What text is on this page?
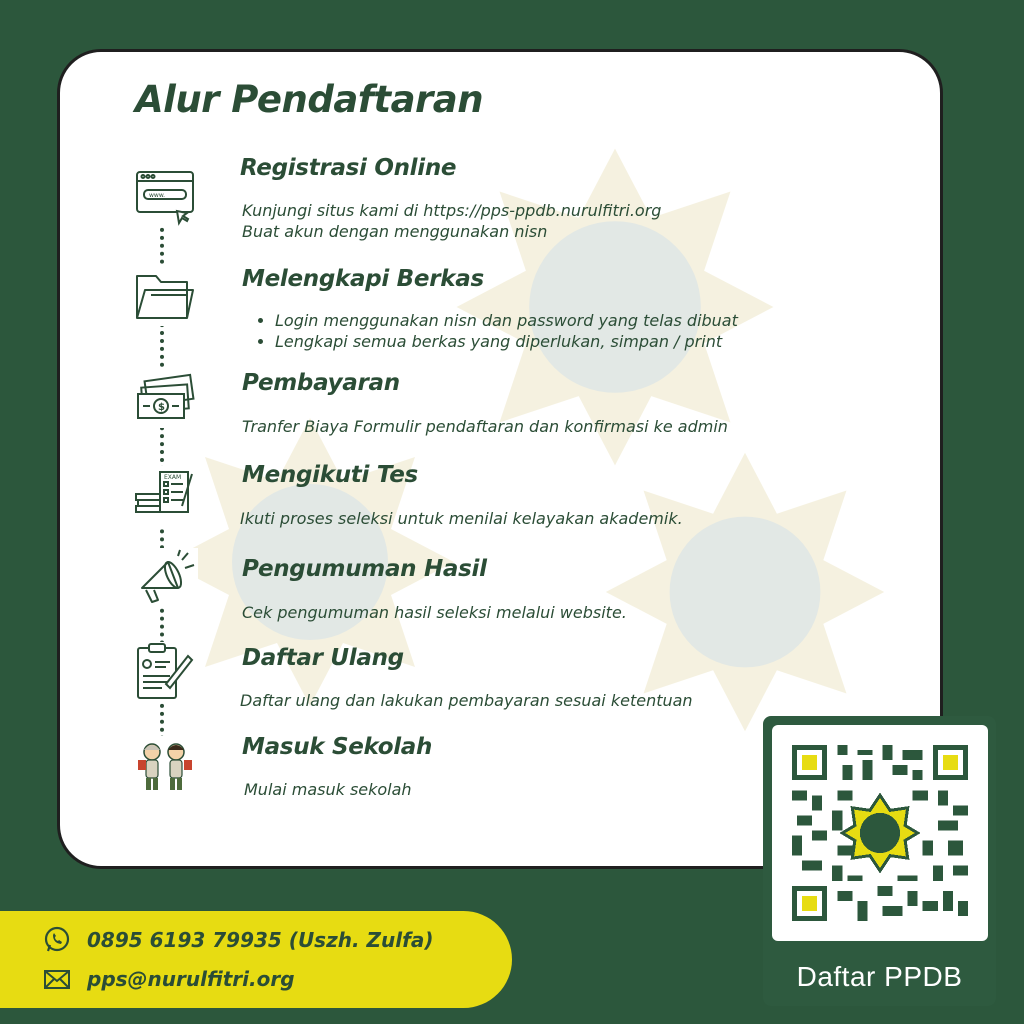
Alur Pendaftaran
www.
Registrasi Online

Kunjungi situs kami di https://pps-ppdb.nurulfitri.org

Buat akun dengan menggunakan nisn

Melengkapi Berkas
• Login menggunakan nisn dan password yang telas dibuat
• Lengkapi semua berkas yang diperlukan, simpan / print
$
Pembayaran

Tranfer Biaya Formulir pendaftaran dan konfirmasi ke admin

EXAM	Mengikuti Tes

Ikuti proses seleksi untuk menilai kelayakan akademik.

Pengumuman Hasil

Cek pengumuman hasil seleksi melalui website.

Daftar Ulang

Daftar ulang dan lakukan pembayaran sesuai ketentuan

Masuk Sekolah

Mulai masuk sekolah

0895 6193 79935 (Uszh. Zulfa)
pps@nurulfitri.org	Daftar PPDB
